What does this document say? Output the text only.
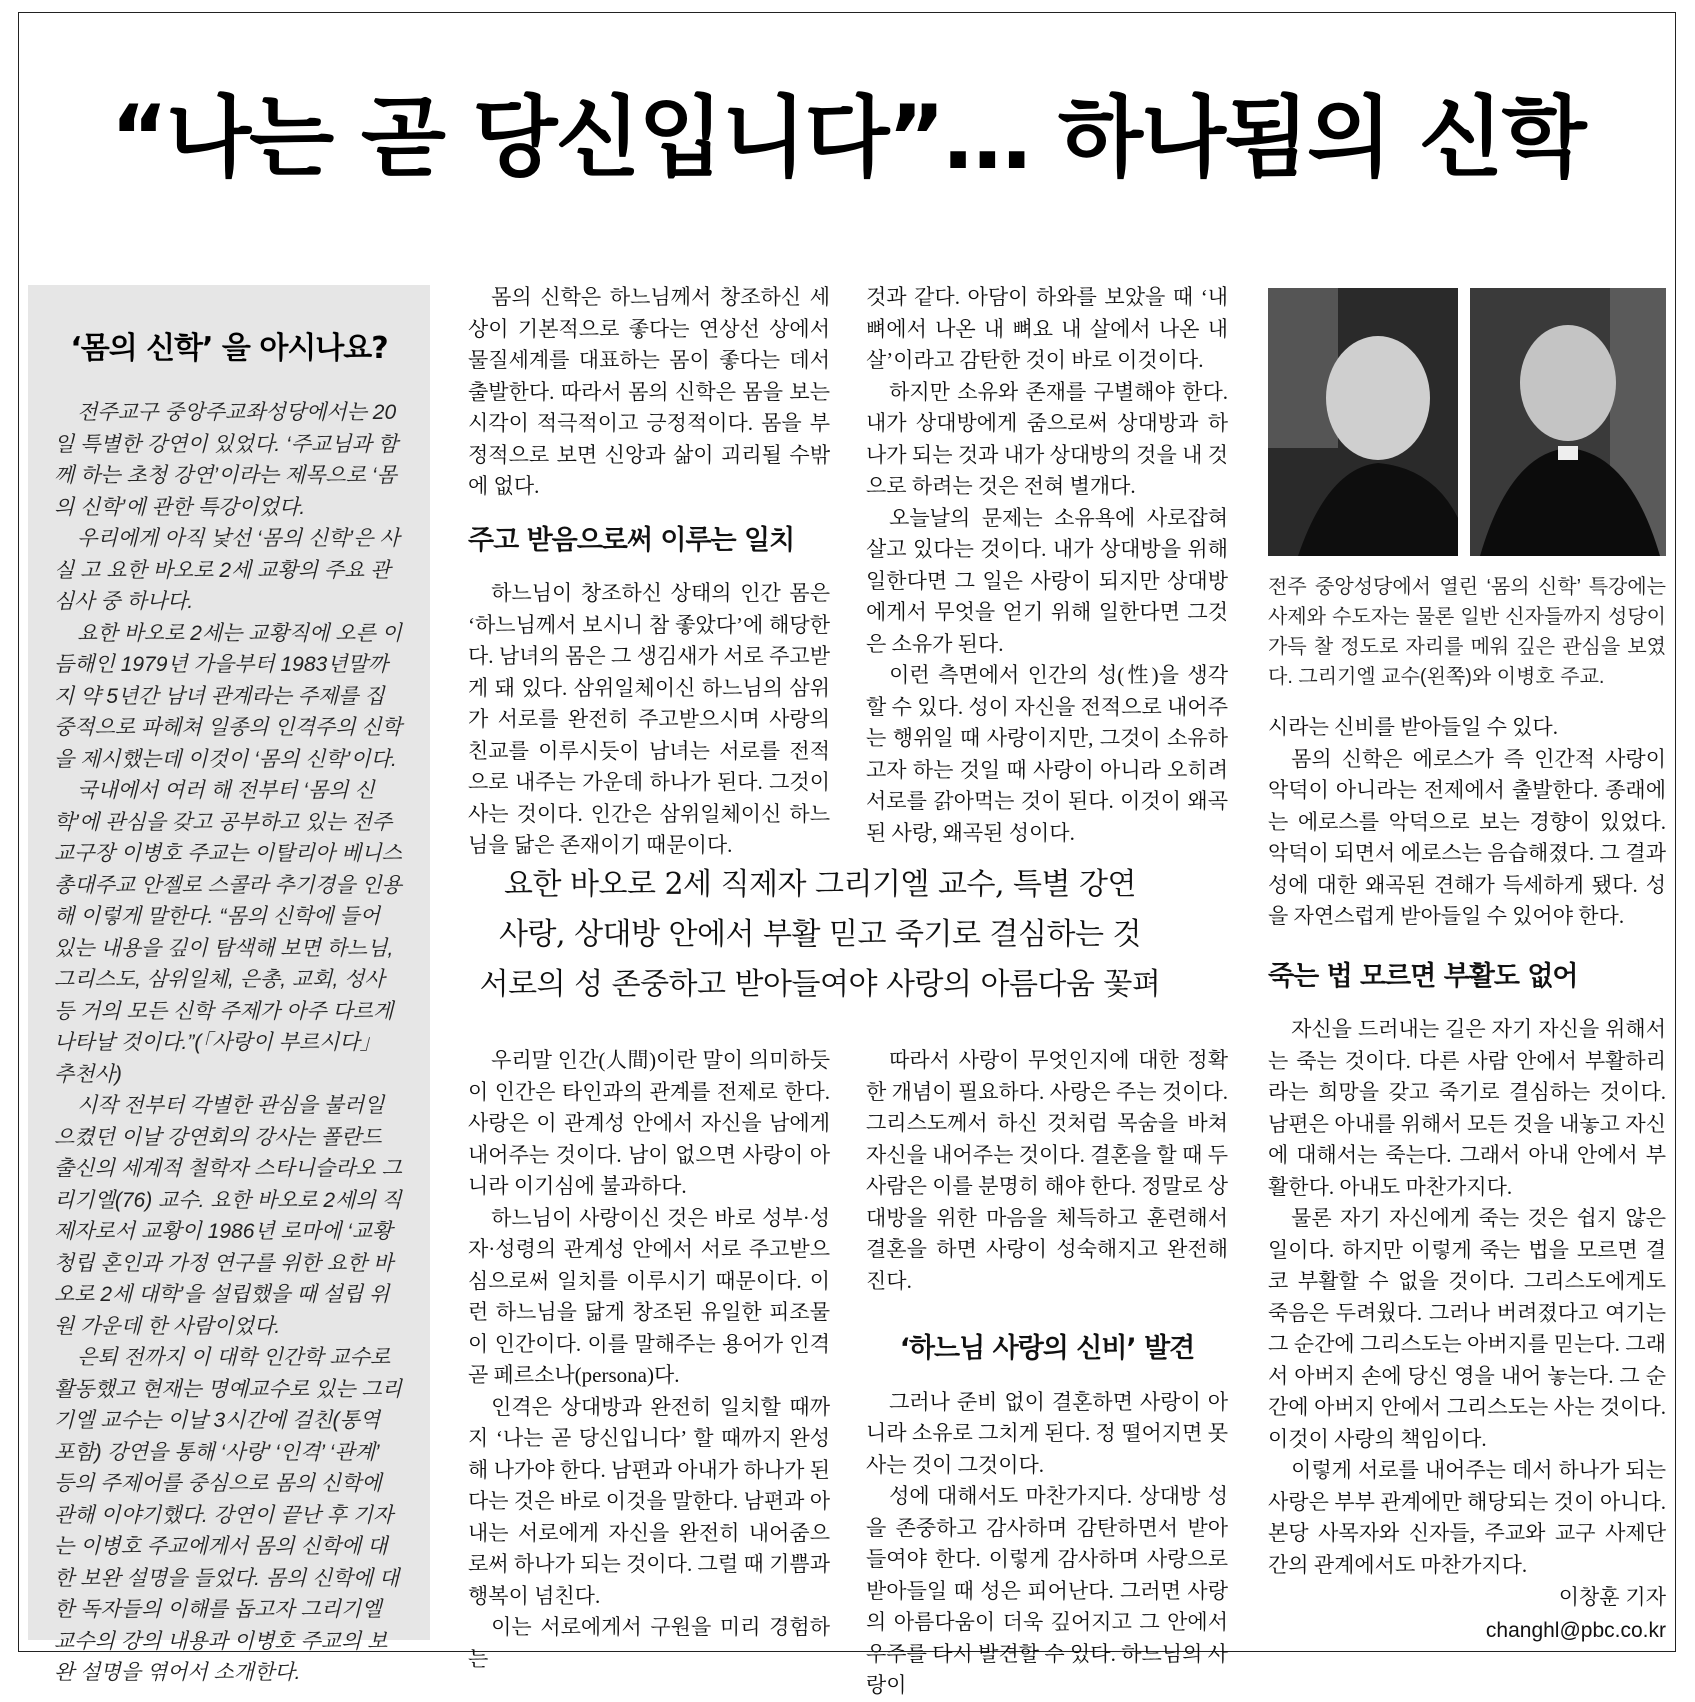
“나는 곧 당신입니다”… 하나됨의 신학
‘몸의 신학’ 을 아시나요?

전주교구 중앙주교좌성당에서는 20일 특별한 강연이 있었다. ‘주교님과 함께 하는 초청 강연’이라는 제목으로 ‘몸의 신학’에 관한 특강이었다.

우리에게 아직 낯선 ‘몸의 신학’은 사실 고 요한 바오로 2세 교황의 주요 관심사 중 하나다.

요한 바오로 2세는 교황직에 오른 이듬해인 1979년 가을부터 1983년말까지 약 5년간 남녀 관계라는 주제를 집중적으로 파헤쳐 일종의 인격주의 신학을 제시했는데 이것이 ‘몸의 신학’이다.

국내에서 여러 해 전부터 ‘몸의 신학’에 관심을 갖고 공부하고 있는 전주교구장 이병호 주교는 이탈리아 베니스 총대주교 안젤로 스콜라 추기경을 인용해 이렇게 말한다. “몸의 신학에 들어 있는 내용을 깊이 탐색해 보면 하느님, 그리스도, 삼위일체, 은총, 교회, 성사 등 거의 모든 신학 주제가 아주 다르게 나타날 것이다.”(「사랑이 부르시다」 추천사)

시작 전부터 각별한 관심을 불러일으켰던 이날 강연회의 강사는 폴란드 출신의 세계적 철학자 스타니슬라오 그리기엘(76) 교수. 요한 바오로 2세의 직제자로서 교황이 1986년 로마에 ‘교황청립 혼인과 가정 연구를 위한 요한 바오로 2세 대학’을 설립했을 때 설립 위원 가운데 한 사람이었다.

은퇴 전까지 이 대학 인간학 교수로 활동했고 현재는 명예교수로 있는 그리기엘 교수는 이날 3시간에 걸친(통역 포함) 강연을 통해 ‘사랑’ ‘인격’ ‘관계’ 등의 주제어를 중심으로 몸의 신학에 관해 이야기했다. 강연이 끝난 후 기자는 이병호 주교에게서 몸의 신학에 대한 보완 설명을 들었다. 몸의 신학에 대한 독자들의 이해를 돕고자 그리기엘 교수의 강의 내용과 이병호 주교의 보완 설명을 엮어서 소개한다.

몸의 신학은 하느님께서 창조하신 세상이 기본적으로 좋다는 연상선 상에서 물질세계를 대표하는 몸이 좋다는 데서 출발한다. 따라서 몸의 신학은 몸을 보는 시각이 적극적이고 긍정적이다. 몸을 부정적으로 보면 신앙과 삶이 괴리될 수밖에 없다.

주고 받음으로써 이루는 일치

하느님이 창조하신 상태의 인간 몸은 ‘하느님께서 보시니 참 좋았다’에 해당한다. 남녀의 몸은 그 생김새가 서로 주고받게 돼 있다. 삼위일체이신 하느님의 삼위가 서로를 완전히 주고받으시며 사랑의 친교를 이루시듯이 남녀는 서로를 전적으로 내주는 가운데 하나가 된다. 그것이 사는 것이다. 인간은 삼위일체이신 하느님을 닮은 존재이기 때문이다.

것과 같다. 아담이 하와를 보았을 때 ‘내 뼈에서 나온 내 뼈요 내 살에서 나온 내 살’이라고 감탄한 것이 바로 이것이다.

하지만 소유와 존재를 구별해야 한다. 내가 상대방에게 줌으로써 상대방과 하나가 되는 것과 내가 상대방의 것을 내 것으로 하려는 것은 전혀 별개다.

오늘날의 문제는 소유욕에 사로잡혀 살고 있다는 것이다. 내가 상대방을 위해 일한다면 그 일은 사랑이 되지만 상대방에게서 무엇을 얻기 위해 일한다면 그것은 소유가 된다.

이런 측면에서 인간의 성(性)을 생각할 수 있다. 성이 자신을 전적으로 내어주는 행위일 때 사랑이지만, 그것이 소유하고자 하는 것일 때 사랑이 아니라 오히려 서로를 갉아먹는 것이 된다. 이것이 왜곡된 사랑, 왜곡된 성이다.

요한 바오로 2세 직제자 그리기엘 교수, 특별 강연
사랑, 상대방 안에서 부활 믿고 죽기로 결심하는 것
서로의 성 존중하고 받아들여야 사랑의 아름다움 꽃펴

우리말 인간(人間)이란 말이 의미하듯이 인간은 타인과의 관계를 전제로 한다. 사랑은 이 관계성 안에서 자신을 남에게 내어주는 것이다. 남이 없으면 사랑이 아니라 이기심에 불과하다.

하느님이 사랑이신 것은 바로 성부·성자·성령의 관계성 안에서 서로 주고받으심으로써 일치를 이루시기 때문이다. 이런 하느님을 닮게 창조된 유일한 피조물이 인간이다. 이를 말해주는 용어가 인격 곧 페르소나(persona)다.

인격은 상대방과 완전히 일치할 때까지 ‘나는 곧 당신입니다’ 할 때까지 완성해 나가야 한다. 남편과 아내가 하나가 된다는 것은 바로 이것을 말한다. 남편과 아내는 서로에게 자신을 완전히 내어줌으로써 하나가 되는 것이다. 그럴 때 기쁨과 행복이 넘친다.

이는 서로에게서 구원을 미리 경험하는

따라서 사랑이 무엇인지에 대한 정확한 개념이 필요하다. 사랑은 주는 것이다. 그리스도께서 하신 것처럼 목숨을 바쳐 자신을 내어주는 것이다. 결혼을 할 때 두 사람은 이를 분명히 해야 한다. 정말로 상대방을 위한 마음을 체득하고 훈련해서 결혼을 하면 사랑이 성숙해지고 완전해진다.

‘하느님 사랑의 신비’ 발견

그러나 준비 없이 결혼하면 사랑이 아니라 소유로 그치게 된다. 정 떨어지면 못 사는 것이 그것이다.

성에 대해서도 마찬가지다. 상대방 성을 존중하고 감사하며 감탄하면서 받아들여야 한다. 이렇게 감사하며 사랑으로 받아들일 때 성은 피어난다. 그러면 사랑의 아름다움이 더욱 깊어지고 그 안에서 우주를 다시 발견할 수 있다. 하느님의 사랑이

전주 중앙성당에서 열린 ‘몸의 신학’ 특강에는 사제와 수도자는 물론 일반 신자들까지 성당이 가득 찰 정도로 자리를 메워 깊은 관심을 보였다. 그리기엘 교수(왼쪽)와 이병호 주교.

시라는 신비를 받아들일 수 있다.

몸의 신학은 에로스가 즉 인간적 사랑이 악덕이 아니라는 전제에서 출발한다. 종래에는 에로스를 악덕으로 보는 경향이 있었다. 악덕이 되면서 에로스는 음습해졌다. 그 결과 성에 대한 왜곡된 견해가 득세하게 됐다. 성을 자연스럽게 받아들일 수 있어야 한다.

죽는 법 모르면 부활도 없어

자신을 드러내는 길은 자기 자신을 위해서는 죽는 것이다. 다른 사람 안에서 부활하리라는 희망을 갖고 죽기로 결심하는 것이다. 남편은 아내를 위해서 모든 것을 내놓고 자신에 대해서는 죽는다. 그래서 아내 안에서 부활한다. 아내도 마찬가지다.

물론 자기 자신에게 죽는 것은 쉽지 않은 일이다. 하지만 이렇게 죽는 법을 모르면 결코 부활할 수 없을 것이다. 그리스도에게도 죽음은 두려웠다. 그러나 버려졌다고 여기는 그 순간에 그리스도는 아버지를 믿는다. 그래서 아버지 손에 당신 영을 내어 놓는다. 그 순간에 아버지 안에서 그리스도는 사는 것이다. 이것이 사랑의 책임이다.

이렇게 서로를 내어주는 데서 하나가 되는 사랑은 부부 관계에만 해당되는 것이 아니다. 본당 사목자와 신자들, 주교와 교구 사제단 간의 관계에서도 마찬가지다.

이창훈 기자
changhl@pbc.co.kr
